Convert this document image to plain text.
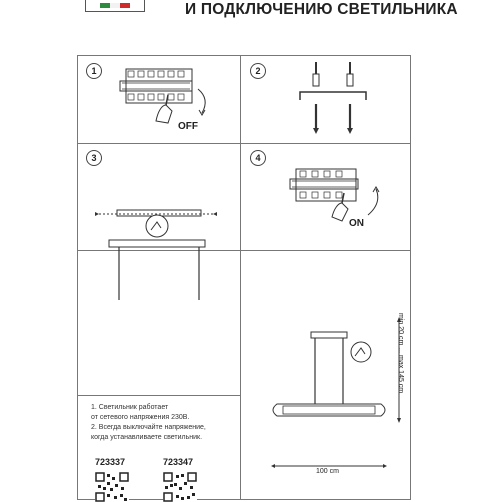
И ПОДКЛЮЧЕНИЮ СВЕТИЛЬНИКА
1
OFF
2
3	4
ON
100 cm
min 20 cm ... max 145 cm
1. Светильник работает
от сетевого напряжения 230В.
2. Всегда выключайте напряжение,
когда устанавливаете светильник.
723337	723347
